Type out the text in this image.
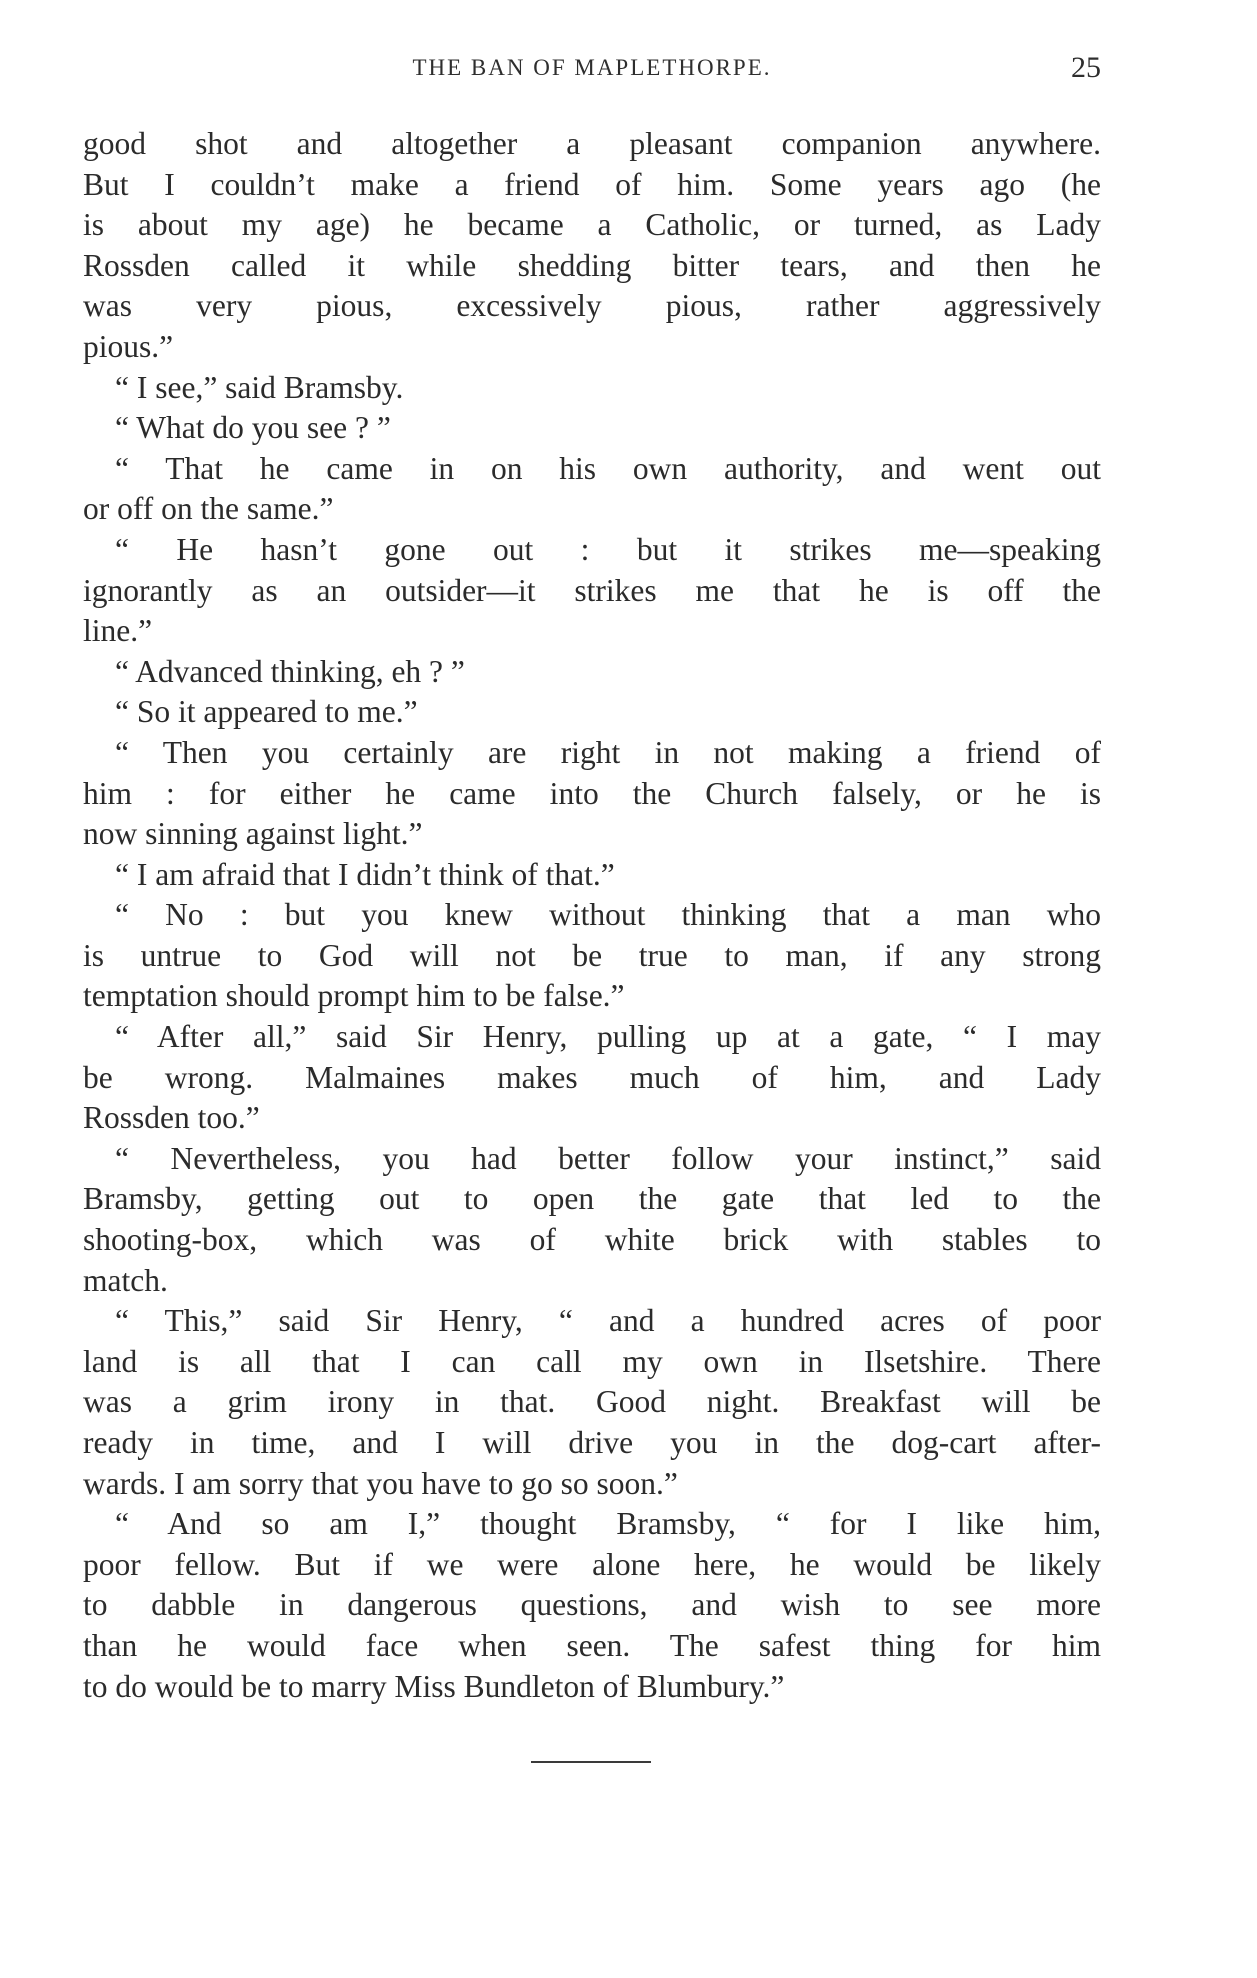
THE BAN OF MAPLETHORPE.	25
good shot and altogether a pleasant companion anywhere.
But I couldn’t make a friend of him. Some years ago (he
is about my age) he became a Catholic, or turned, as Lady
Rossden called it while shedding bitter tears, and then he
was very pious, excessively pious, rather aggressively
pious.”
“ I see,” said Bramsby.
“ What do you see ? ”
“ That he came in on his own authority, and went out
or off on the same.”
“ He hasn’t gone out : but it strikes me—speaking
ignorantly as an outsider—it strikes me that he is off the
line.”
“ Advanced thinking, eh ? ”
“ So it appeared to me.”
“ Then you certainly are right in not making a friend of
him : for either he came into the Church falsely, or he is
now sinning against light.”
“ I am afraid that I didn’t think of that.”
“ No : but you knew without thinking that a man who
is untrue to God will not be true to man, if any strong
temptation should prompt him to be false.”
“ After all,” said Sir Henry, pulling up at a gate, “ I may
be wrong. Malmaines makes much of him, and Lady
Rossden too.”
“ Nevertheless, you had better follow your instinct,” said
Bramsby, getting out to open the gate that led to the
shooting-box, which was of white brick with stables to
match.
“ This,” said Sir Henry, “ and a hundred acres of poor
land is all that I can call my own in Ilsetshire. There
was a grim irony in that. Good night. Breakfast will be
ready in time, and I will drive you in the dog-cart after-
wards. I am sorry that you have to go so soon.”
“ And so am I,” thought Bramsby, “ for I like him,
poor fellow. But if we were alone here, he would be likely
to dabble in dangerous questions, and wish to see more
than he would face when seen. The safest thing for him
to do would be to marry Miss Bundleton of Blumbury.”
